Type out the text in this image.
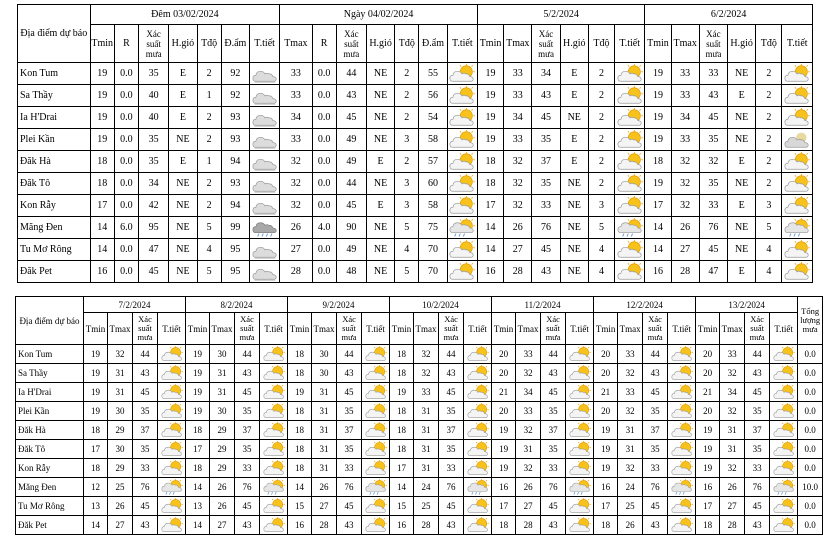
Địa điểm dự báo	Đêm 03/02/2024							Ngày 04/02/2024							5/2/2024						6/2/2024					
	Tmin	R	Xác suất mưa	H.gió	Tđộ	Đ.ẩm	T.tiết	Tmax	R	Xác suất mưa	H.gió	Tđộ	Đ.ẩm	T.tiết	Tmin	Tmax	Xác suất mưa	H.gió	Tđộ	T.tiết	Tmin	Tmax	Xác suất mưa	H.gió	Tđộ	T.tiết
Kon Tum	19	0.0	35	E	2	92		33	0.0	44	NE	2	55		19	33	34	E	2		19	33	33	NE	2	

Sa Thầy	19	0.0	40	E	1	92		33	0.0	43	NE	2	56		19	33	43	E	2		19	33	43	E	2	

Ia H'Drai	19	0.0	40	E	2	93		34	0.0	45	NE	2	54		19	34	45	NE	2		19	34	45	NE	2	

Plei Kần	19	0.0	35	NE	2	93		33	0.0	49	NE	3	58		19	33	35	E	2		19	33	35	NE	2	

Đăk Hà	18	0.0	35	E	1	94		32	0.0	49	E	2	57		18	32	37	E	2		18	32	32	E	2	

Đăk Tô	18	0.0	34	NE	2	93		32	0.0	44	NE	3	60		18	32	35	NE	2		19	32	35	NE	2	

Kon Rẫy	17	0.0	42	NE	2	94		32	0.0	45	E	3	58		17	32	33	NE	3		17	32	33	E	3	

Măng Đen	14	6.0	95	NE	5	99		26	4.0	90	NE	5	75		14	26	76	NE	5		14	26	76	NE	5	

Tu Mơ Rông	14	0.0	47	NE	4	95		27	0.0	49	NE	4	70		14	27	45	NE	4		14	27	45	NE	4	

Đăk Pet	16	0.0	45	NE	5	95		28	0.0	48	NE	5	70		16	28	43	NE	4		16	28	47	E	4	
Địa điểm dự báo	7/2/2024				8/2/2024				9/2/2024				10/2/2024				11/2/2024				12/2/2024				13/2/2024				Tổng lượng mưa
	Tmin	Tmax	Xác suất mưa	T.tiết	Tmin	Tmax	Xác suất mưa	T.tiết	Tmin	Tmax	Xác suất mưa	T.tiết	Tmin	Tmax	Xác suất mưa	T.tiết	Tmin	Tmax	Xác suất mưa	T.tiết	Tmin	Tmax	Xác suất mưa	T.tiết	Tmin	Tmax	Xác suất mưa	T.tiết	
Kon Tum	19	32	44		19	30	44		18	30	44		18	32	44		20	33	44		20	33	44		20	33	44		0.0
Sa Thầy	19	31	43		19	31	43		18	30	43		18	32	43		20	32	43		20	32	43		20	32	43		0.0
Ia H'Drai	19	31	45		19	31	45		19	31	45		19	33	45		21	34	45		21	33	45		21	34	45		0.0
Plei Kần	19	30	35		19	30	35		18	31	35		18	31	35		20	33	35		20	32	35		20	32	35		0.0
Đăk Hà	18	29	37		18	29	37		18	31	37		18	31	37		19	32	37		19	31	37		19	31	37		0.0
Đăk Tô	17	30	35		17	29	35		18	31	35		18	31	35		19	31	35		19	31	35		19	31	35		0.0
Kon Rẫy	18	29	33		18	29	33		18	31	33		17	31	33		19	32	33		19	32	33		19	32	33		0.0
Măng Đen	12	25	76		14	26	76		14	26	76		14	24	76		16	26	76		16	24	76		16	26	76		10.0
Tu Mơ Rông	13	26	45		13	26	45		15	27	45		15	25	45		17	27	45		17	25	45		17	27	45		0.0
Đăk Pet	14	27	43		14	27	43		16	28	43		16	28	43		18	28	43		18	26	43		18	28	43		0.0
